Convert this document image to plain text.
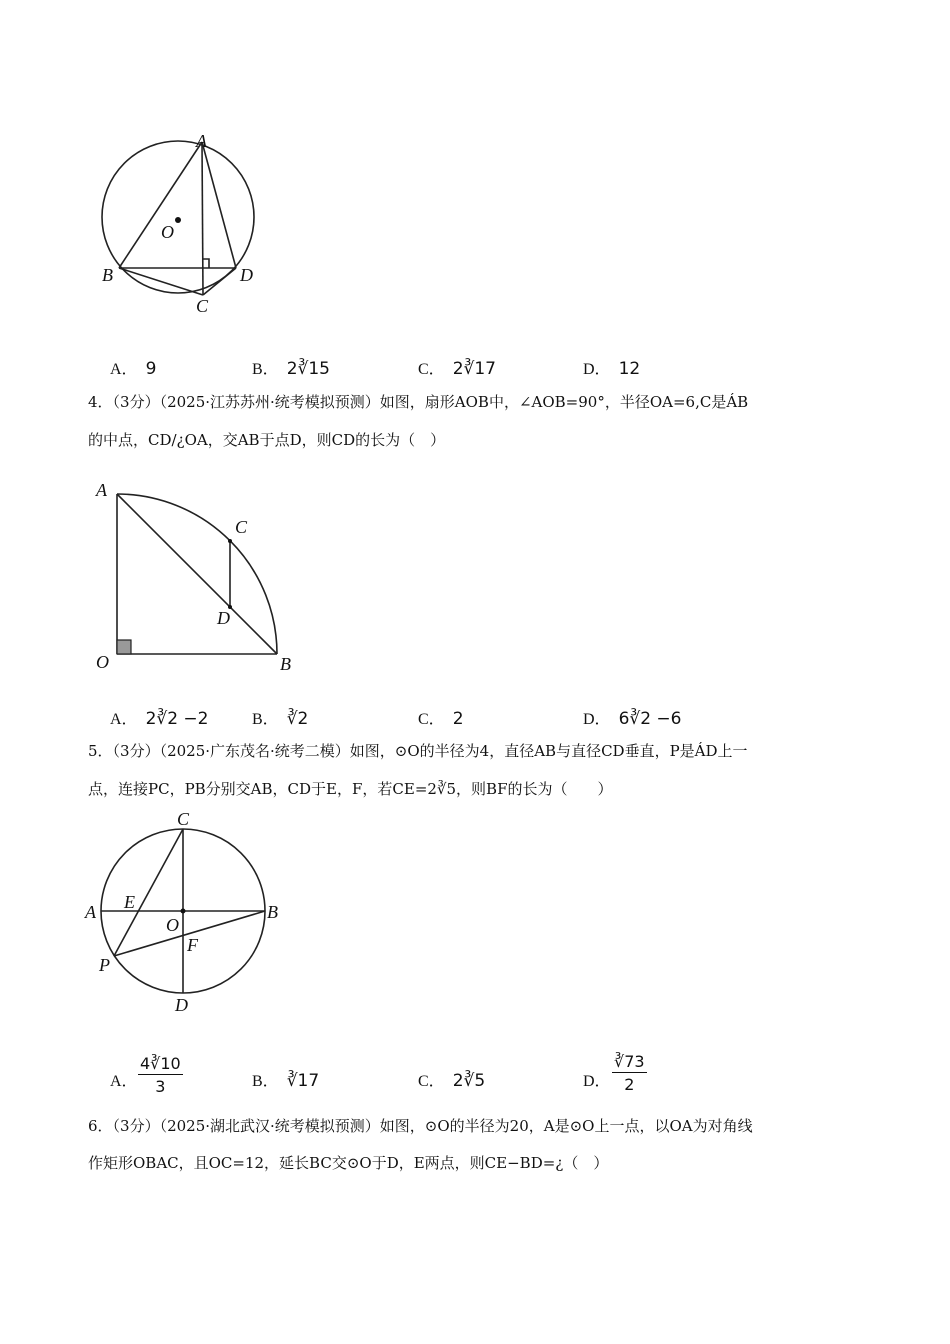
A
O
B
C
D
A． 9	B． 2∛15	C． 2∛17	D． 12
4．（3分）（2025·江苏苏州·统考模拟预测）如图，扇形AOB中，∠AOB=90°，半径OA=6,C是ÁB
的中点，CD/¿OA，交AB于点D，则CD的长为（　）
A
C
D
O	B
A． 2∛2 −2	B． ∛2	C． 2	D． 6∛2 −6
5．（3分）（2025·广东茂名·统考二模）如图，⊙O的半径为4，直径AB与直径CD垂直，P是ÁD上一
点，连接PC，PB分别交AB，CD于E，F，若CE=2∛5，则BF的长为（　　）
C
A E
O
B
F
P
D
A． $\frac{4∛10}{3}$	B． ∛17	C． 2∛5	D． $\frac{∛73}{2}$
6．（3分）（2025·湖北武汉·统考模拟预测）如图，⊙O的半径为20，A是⊙O上一点，以OA为对角线
作矩形OBAC，且OC=12，延长BC交⊙O于D，E两点，则CE−BD=¿（　）
